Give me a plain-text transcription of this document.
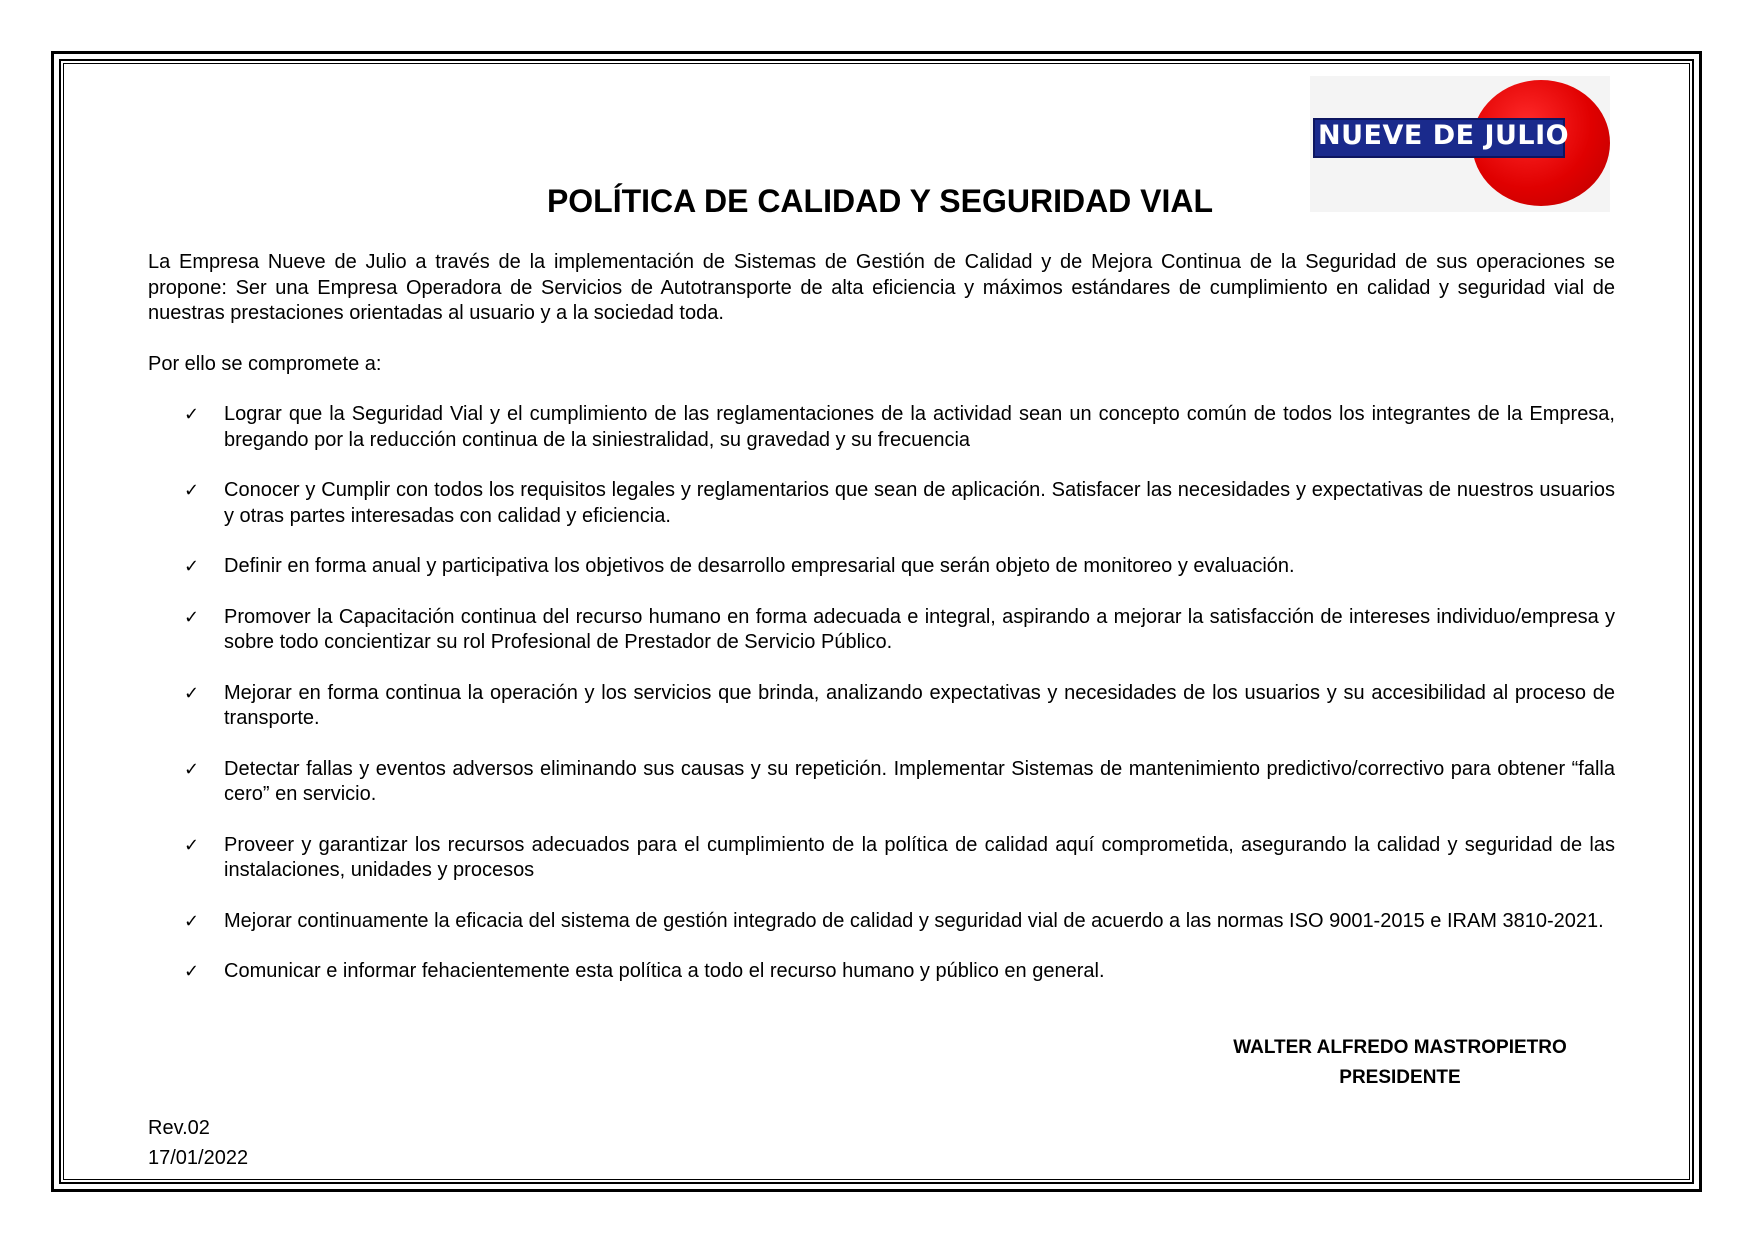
NUEVE DE JULIO
POLÍTICA DE CALIDAD Y SEGURIDAD VIAL

La Empresa Nueve de Julio a través de la implementación de Sistemas de Gestión de Calidad y de Mejora Continua de la Seguridad de sus operaciones se propone: Ser una Empresa Operadora de Servicios de Autotransporte de alta eficiencia y máximos estándares de cumplimiento en calidad y seguridad vial de nuestras prestaciones orientadas al usuario y a la sociedad toda.

Por ello se compromete a:

✓ Lograr que la Seguridad Vial y el cumplimiento de las reglamentaciones de la actividad sean un concepto común de todos los integrantes de la Empresa, bregando por la reducción continua de la siniestralidad, su gravedad y su frecuencia
✓ Conocer y Cumplir con todos los requisitos legales y reglamentarios que sean de aplicación. Satisfacer las necesidades y expectativas de nuestros usuarios y otras partes interesadas con calidad y eficiencia.
✓ Definir en forma anual y participativa los objetivos de desarrollo empresarial que serán objeto de monitoreo y evaluación.
✓ Promover la Capacitación continua del recurso humano en forma adecuada e integral, aspirando a mejorar la satisfacción de intereses individuo/empresa y sobre todo concientizar su rol Profesional de Prestador de Servicio Público.
✓ Mejorar en forma continua la operación y los servicios que brinda, analizando expectativas y necesidades de los usuarios y su accesibilidad al proceso de transporte.
✓ Detectar fallas y eventos adversos eliminando sus causas y su repetición. Implementar Sistemas de mantenimiento predictivo/correctivo para obtener “falla cero” en servicio.
✓ Proveer y garantizar los recursos adecuados para el cumplimiento de la política de calidad aquí comprometida, asegurando la calidad y seguridad de las instalaciones, unidades y procesos
✓ Mejorar continuamente la eficacia del sistema de gestión integrado de calidad y seguridad vial de acuerdo a las normas ISO 9001-2015 e IRAM 3810-2021.
✓ Comunicar e informar fehacientemente esta política a todo el recurso humano y público en general.
WALTER ALFREDO MASTROPIETRO
PRESIDENTE
Rev.02
17/01/2022
